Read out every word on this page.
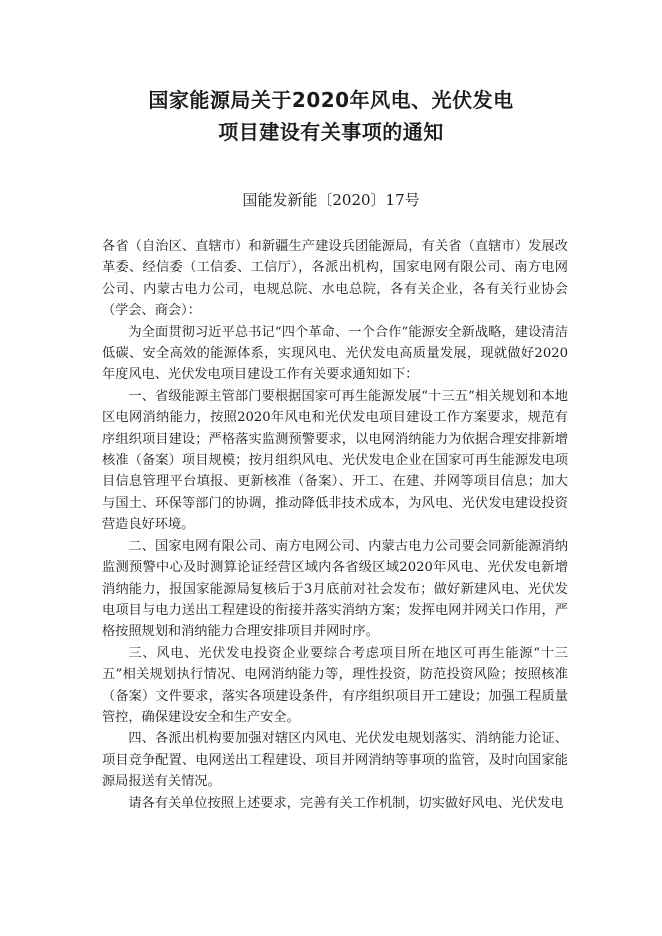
国家能源局关于2020年风电、光伏发电
项目建设有关事项的通知
国能发新能〔2020〕17号

各省（自治区、直辖市）和新疆生产建设兵团能源局，有关省（直辖市）发展改革委、经信委（工信委、工信厅），各派出机构，国家电网有限公司、南方电网公司、内蒙古电力公司，电规总院、水电总院，各有关企业，各有关行业协会（学会、商会）：

为全面贯彻习近平总书记“四个革命、一个合作”能源安全新战略，建设清洁低碳、安全高效的能源体系，实现风电、光伏发电高质量发展，现就做好2020年度风电、光伏发电项目建设工作有关要求通知如下：

一、省级能源主管部门要根据国家可再生能源发展“十三五”相关规划和本地区电网消纳能力，按照2020年风电和光伏发电项目建设工作方案要求，规范有序组织项目建设；严格落实监测预警要求，以电网消纳能力为依据合理安排新增核准（备案）项目规模；按月组织风电、光伏发电企业在国家可再生能源发电项目信息管理平台填报、更新核准（备案）、开工、在建、并网等项目信息；加大与国土、环保等部门的协调，推动降低非技术成本，为风电、光伏发电建设投资营造良好环境。

二、国家电网有限公司、南方电网公司、内蒙古电力公司要会同新能源消纳监测预警中心及时测算论证经营区域内各省级区域2020年风电、光伏发电新增消纳能力，报国家能源局复核后于3月底前对社会发布；做好新建风电、光伏发电项目与电力送出工程建设的衔接并落实消纳方案；发挥电网并网关口作用，严格按照规划和消纳能力合理安排项目并网时序。

三、风电、光伏发电投资企业要综合考虑项目所在地区可再生能源“十三五”相关规划执行情况、电网消纳能力等，理性投资，防范投资风险；按照核准（备案）文件要求，落实各项建设条件，有序组织项目开工建设；加强工程质量管控，确保建设安全和生产安全。

四、各派出机构要加强对辖区内风电、光伏发电规划落实、消纳能力论证、项目竞争配置、电网送出工程建设、项目并网消纳等事项的监管，及时向国家能源局报送有关情况。

请各有关单位按照上述要求，完善有关工作机制，切实做好风电、光伏发电
